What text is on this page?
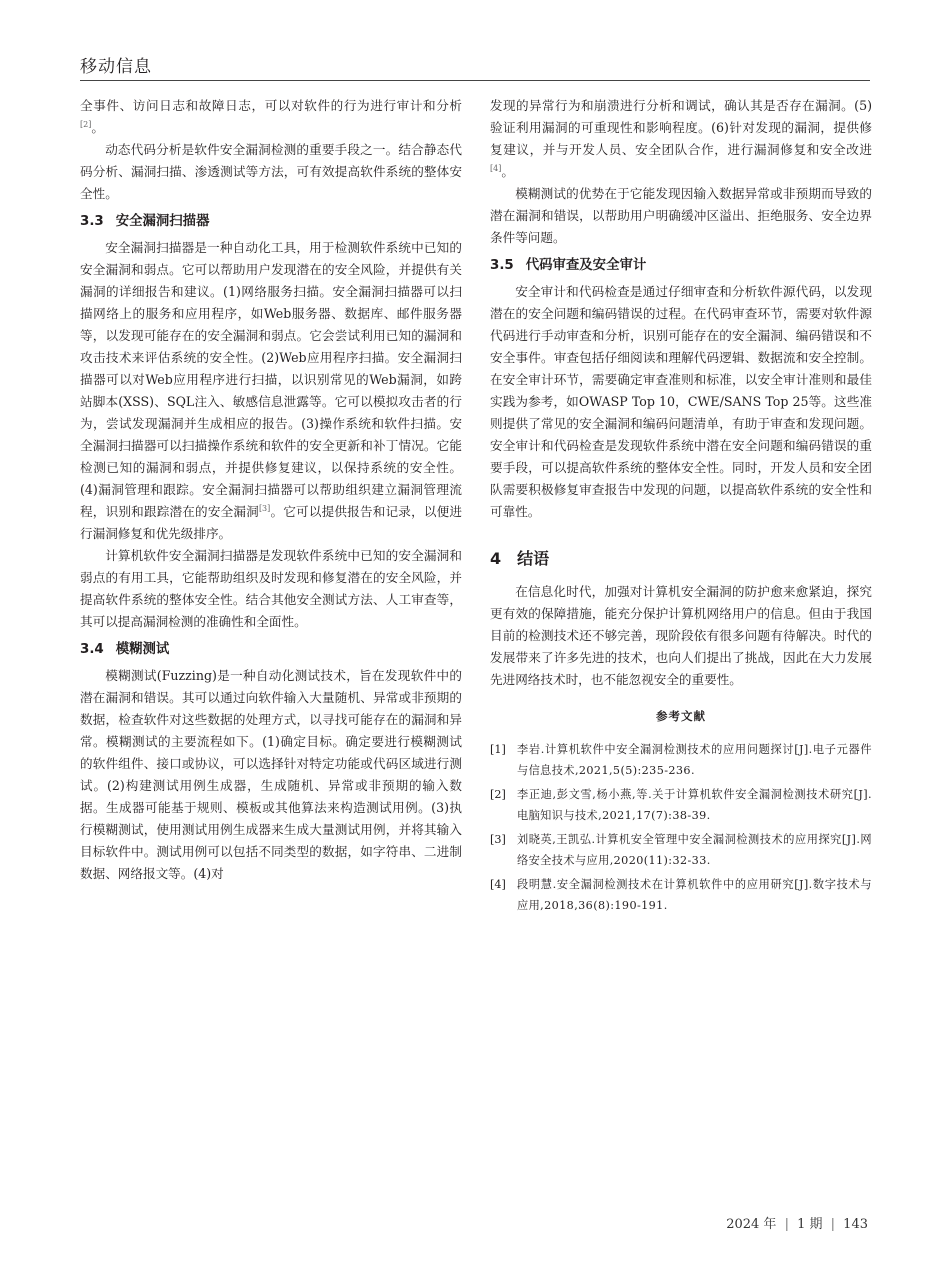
移动信息

全事件、访问日志和故障日志，可以对软件的行为进行审计和分析[2]。

动态代码分析是软件安全漏洞检测的重要手段之一。结合静态代码分析、漏洞扫描、渗透测试等方法，可有效提高软件系统的整体安全性。

3.3 安全漏洞扫描器

安全漏洞扫描器是一种自动化工具，用于检测软件系统中已知的安全漏洞和弱点。它可以帮助用户发现潜在的安全风险，并提供有关漏洞的详细报告和建议。(1)网络服务扫描。安全漏洞扫描器可以扫描网络上的服务和应用程序，如Web服务器、数据库、邮件服务器等，以发现可能存在的安全漏洞和弱点。它会尝试利用已知的漏洞和攻击技术来评估系统的安全性。(2)Web应用程序扫描。安全漏洞扫描器可以对Web应用程序进行扫描，以识别常见的Web漏洞，如跨站脚本(XSS)、SQL注入、敏感信息泄露等。它可以模拟攻击者的行为，尝试发现漏洞并生成相应的报告。(3)操作系统和软件扫描。安全漏洞扫描器可以扫描操作系统和软件的安全更新和补丁情况。它能检测已知的漏洞和弱点，并提供修复建议，以保持系统的安全性。(4)漏洞管理和跟踪。安全漏洞扫描器可以帮助组织建立漏洞管理流程，识别和跟踪潜在的安全漏洞[3]。它可以提供报告和记录，以便进行漏洞修复和优先级排序。

计算机软件安全漏洞扫描器是发现软件系统中已知的安全漏洞和弱点的有用工具，它能帮助组织及时发现和修复潜在的安全风险，并提高软件系统的整体安全性。结合其他安全测试方法、人工审查等，其可以提高漏洞检测的准确性和全面性。

3.4 模糊测试

模糊测试(Fuzzing)是一种自动化测试技术，旨在发现软件中的潜在漏洞和错误。其可以通过向软件输入大量随机、异常或非预期的数据，检查软件对这些数据的处理方式，以寻找可能存在的漏洞和异常。模糊测试的主要流程如下。(1)确定目标。确定要进行模糊测试的软件组件、接口或协议，可以选择针对特定功能或代码区域进行测试。(2)构建测试用例生成器，生成随机、异常或非预期的输入数据。生成器可能基于规则、模板或其他算法来构造测试用例。(3)执行模糊测试，使用测试用例生成器来生成大量测试用例，并将其输入目标软件中。测试用例可以包括不同类型的数据，如字符串、二进制数据、网络报文等。(4)对

发现的异常行为和崩溃进行分析和调试，确认其是否存在漏洞。(5)验证利用漏洞的可重现性和影响程度。(6)针对发现的漏洞，提供修复建议，并与开发人员、安全团队合作，进行漏洞修复和安全改进[4]。

模糊测试的优势在于它能发现因输入数据异常或非预期而导致的潜在漏洞和错误，以帮助用户明确缓冲区溢出、拒绝服务、安全边界条件等问题。

3.5 代码审查及安全审计

安全审计和代码检查是通过仔细审查和分析软件源代码，以发现潜在的安全问题和编码错误的过程。在代码审查环节，需要对软件源代码进行手动审查和分析，识别可能存在的安全漏洞、编码错误和不安全事件。审查包括仔细阅读和理解代码逻辑、数据流和安全控制。在安全审计环节，需要确定审查准则和标准，以安全审计准则和最佳实践为参考，如OWASP Top 10，CWE/SANS Top 25等。这些准则提供了常见的安全漏洞和编码问题清单，有助于审查和发现问题。安全审计和代码检查是发现软件系统中潜在安全问题和编码错误的重要手段，可以提高软件系统的整体安全性。同时，开发人员和安全团队需要积极修复审查报告中发现的问题，以提高软件系统的安全性和可靠性。

4 结语

在信息化时代，加强对计算机安全漏洞的防护愈来愈紧迫，探究更有效的保障措施，能充分保护计算机网络用户的信息。但由于我国目前的检测技术还不够完善，现阶段依有很多问题有待解决。时代的发展带来了许多先进的技术，也向人们提出了挑战，因此在大力发展先进网络技术时，也不能忽视安全的重要性。

参考文献
[1] 李岩.计算机软件中安全漏洞检测技术的应用问题探讨[J].电子元器件与信息技术,2021,5(5):235-236.
[2] 李正迪,彭文雪,杨小燕,等.关于计算机软件安全漏洞检测技术研究[J].电脑知识与技术,2021,17(7):38-39.
[3] 刘晓英,王凯弘.计算机安全管理中安全漏洞检测技术的应用探究[J].网络安全技术与应用,2020(11):32-33.
[4] 段明慧.安全漏洞检测技术在计算机软件中的应用研究[J].数字技术与应用,2018,36(8):190-191.
2024 年 | 1 期 | 143
